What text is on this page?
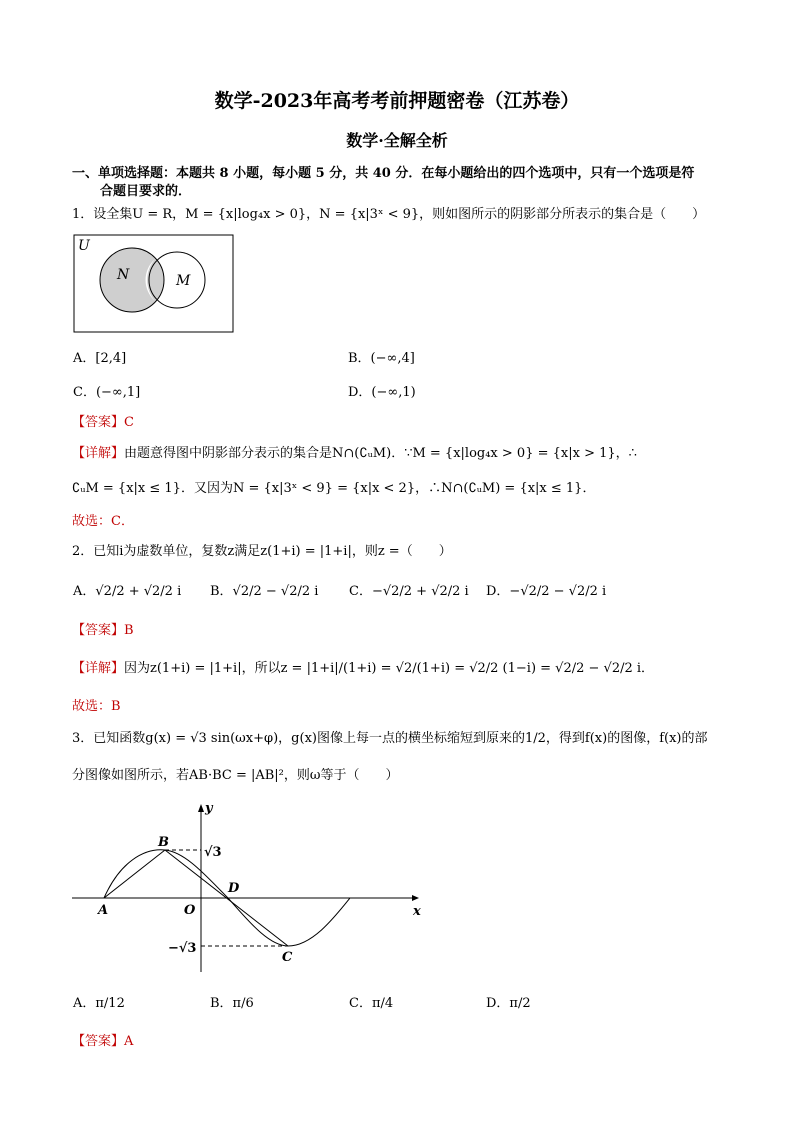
数学-2023年高考考前押题密卷（江苏卷）
数学·全解全析
一、单项选择题：本题共 8 小题，每小题 5 分，共 40 分．在每小题给出的四个选项中，只有一个选项是符
合题目要求的．
1．设全集U = R，M = {x|log₄x > 0}，N = {x|3ˣ < 9}，则如图所示的阴影部分所表示的集合是（　　）
U
N	M
A．[2,4]	B．(−∞,4]
C．(−∞,1]	D．(−∞,1)
【答案】C
【详解】由题意得图中阴影部分表示的集合是N∩(∁ᵤM)．∵M = {x|log₄x > 0} = {x|x > 1}，∴
∁ᵤM = {x|x ≤ 1}．又因为N = {x|3ˣ < 9} = {x|x < 2}，∴N∩(∁ᵤM) = {x|x ≤ 1}．
故选：C．
2．已知i为虚数单位，复数z满足z(1+i) = |1+i|，则z =（　　）
A．√2/2 + √2/2 i B．√2/2 − √2/2 i C．−√2/2 + √2/2 i D．−√2/2 − √2/2 i
【答案】B
【详解】因为z(1+i) = |1+i|，所以z = |1+i|/(1+i) = √2/(1+i) = √2/2 (1−i) = √2/2 − √2/2 i．
故选：B
3．已知函数g(x) = √3 sin(ωx+φ)，g(x)图像上每一点的横坐标缩短到原来的1/2，得到f(x)的图像，f(x)的部
分图像如图所示，若AB·BC = |AB|²，则ω等于（　　）
A
B
C
D
O	x
y
√3
−√3
A．π/12	B．π/6	C．π/4	D．π/2
【答案】A
